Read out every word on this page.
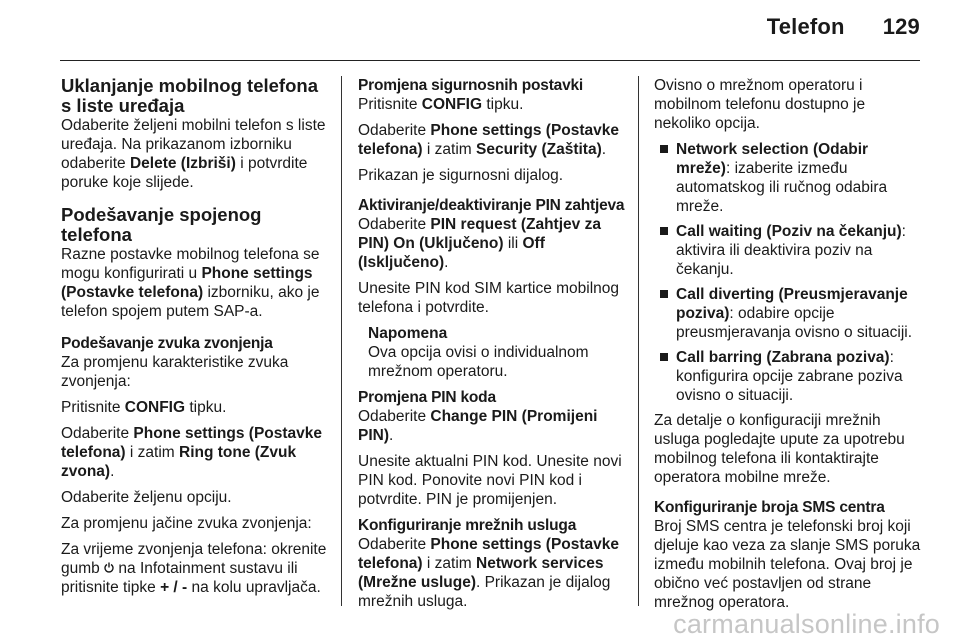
Telefon 129
Uklanjanje mobilnog telefona s liste uređaja

Odaberite željeni mobilni telefon s liste uređaja. Na prikazanom izborniku odaberite Delete (Izbriši) i potvrdite poruke koje slijede.

Podešavanje spojenog telefona

Razne postavke mobilnog telefona se mogu konfigurirati u Phone settings (Postavke telefona) izborniku, ako je telefon spojem putem SAP-a.

Podešavanje zvuka zvonjenja

Za promjenu karakteristike zvuka zvonjenja:

Pritisnite CONFIG tipku.

Odaberite Phone settings (Postavke telefona) i zatim Ring tone (Zvuk zvona).

Odaberite željenu opciju.

Za promjenu jačine zvuka zvonjenja:

Za vrijeme zvonjenja telefona: okrenite gumb  na Infotainment sustavu ili pritisnite tipke + / - na kolu upravljača.

Promjena sigurnosnih postavki

Pritisnite CONFIG tipku.

Odaberite Phone settings (Postavke telefona) i zatim Security (Zaštita).

Prikazan je sigurnosni dijalog.

Aktiviranje/deaktiviranje PIN zahtjeva

Odaberite PIN request (Zahtjev za PIN) On (Uključeno) ili Off (Isključeno).

Unesite PIN kod SIM kartice mobilnog telefona i potvrdite.

Napomena
Ova opcija ovisi o individualnom mrežnom operatoru.
Promjena PIN koda

Odaberite Change PIN (Promijeni PIN).

Unesite aktualni PIN kod. Unesite novi PIN kod. Ponovite novi PIN kod i potvrdite. PIN je promijenjen.

Konfiguriranje mrežnih usluga

Odaberite Phone settings (Postavke telefona) i zatim Network services (Mrežne usluge). Prikazan je dijalog mrežnih usluga.

Ovisno o mrežnom operatoru i mobilnom telefonu dostupno je nekoliko opcija.

Network selection (Odabir mreže): izaberite između automatskog ili ručnog odabira mreže.
Call waiting (Poziv na čekanju): aktivira ili deaktivira poziv na čekanju.
Call diverting (Preusmjeravanje poziva): odabire opcije preusmjeravanja ovisno o situaciji.
Call barring (Zabrana poziva): konfigurira opcije zabrane poziva ovisno o situaciji.

Za detalje o konfiguraciji mrežnih usluga pogledajte upute za upotrebu mobilnog telefona ili kontaktirajte operatora mobilne mreže.

Konfiguriranje broja SMS centra

Broj SMS centra je telefonski broj koji djeluje kao veza za slanje SMS poruka između mobilnih telefona. Ovaj broj je obično već postavljen od strane mrežnog operatora.

carmanualsonline.info
